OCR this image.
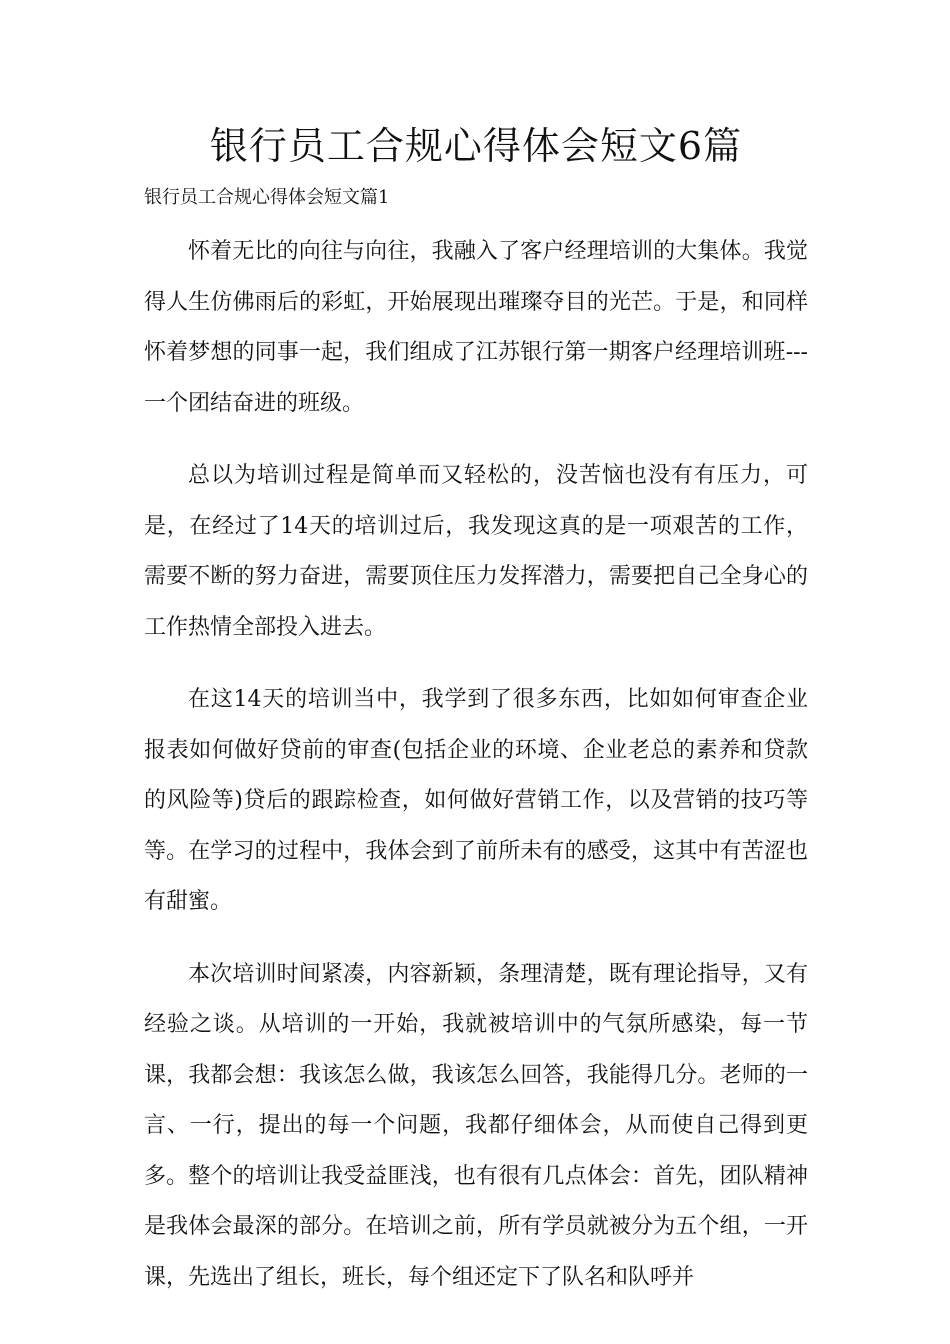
银行员工合规心得体会短文6篇
银行员工合规心得体会短文篇1

怀着无比的向往与向往，我融入了客户经理培训的大集体。我觉得人生仿佛雨后的彩虹，开始展现出璀璨夺目的光芒。于是，和同样怀着梦想的同事一起，我们组成了江苏银行第一期客户经理培训班---一个团结奋进的班级。

总以为培训过程是简单而又轻松的，没苦恼也没有有压力，可是，在经过了14天的培训过后，我发现这真的是一项艰苦的工作，需要不断的努力奋进，需要顶住压力发挥潜力，需要把自己全身心的工作热情全部投入进去。

在这14天的培训当中，我学到了很多东西，比如如何审查企业报表如何做好贷前的审查(包括企业的环境、企业老总的素养和贷款的风险等)贷后的跟踪检查，如何做好营销工作，以及营销的技巧等等。在学习的过程中，我体会到了前所未有的感受，这其中有苦涩也有甜蜜。

本次培训时间紧凑，内容新颖，条理清楚，既有理论指导，又有经验之谈。从培训的一开始，我就被培训中的气氛所感染，每一节课，我都会想：我该怎么做，我该怎么回答，我能得几分。老师的一言、一行，提出的每一个问题，我都仔细体会，从而使自己得到更多。整个的培训让我受益匪浅，也有很有几点体会：首先，团队精神是我体会最深的部分。在培训之前，所有学员就被分为五个组，一开课，先选出了组长，班长，每个组还定下了队名和队呼并
